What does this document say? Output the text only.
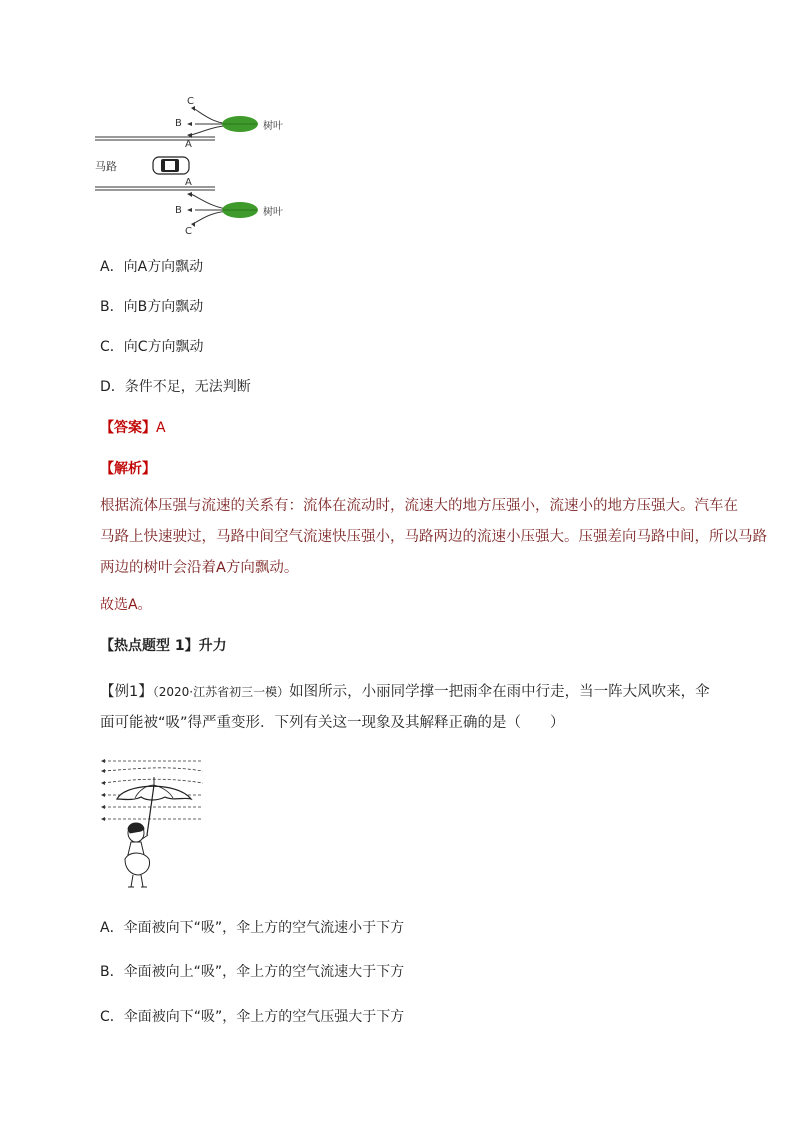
C
B
A
树叶
马路
A
B
C
树叶
A．向A方向飘动
B．向B方向飘动
C．向C方向飘动
D．条件不足，无法判断
【答案】A
【解析】
根据流体压强与流速的关系有：流体在流动时，流速大的地方压强小，流速小的地方压强大。汽车在
马路上快速驶过，马路中间空气流速快压强小，马路两边的流速小压强大。压强差向马路中间，所以马路
两边的树叶会沿着A方向飘动。
故选A。
【热点题型 1】升力
【例1】（2020·江苏省初三一模）如图所示，小丽同学撑一把雨伞在雨中行走，当一阵大风吹来，伞
面可能被“吸”得严重变形．下列有关这一现象及其解释正确的是（　　）
A．伞面被向下“吸”，伞上方的空气流速小于下方
B．伞面被向上“吸”，伞上方的空气流速大于下方
C．伞面被向下“吸”，伞上方的空气压强大于下方
